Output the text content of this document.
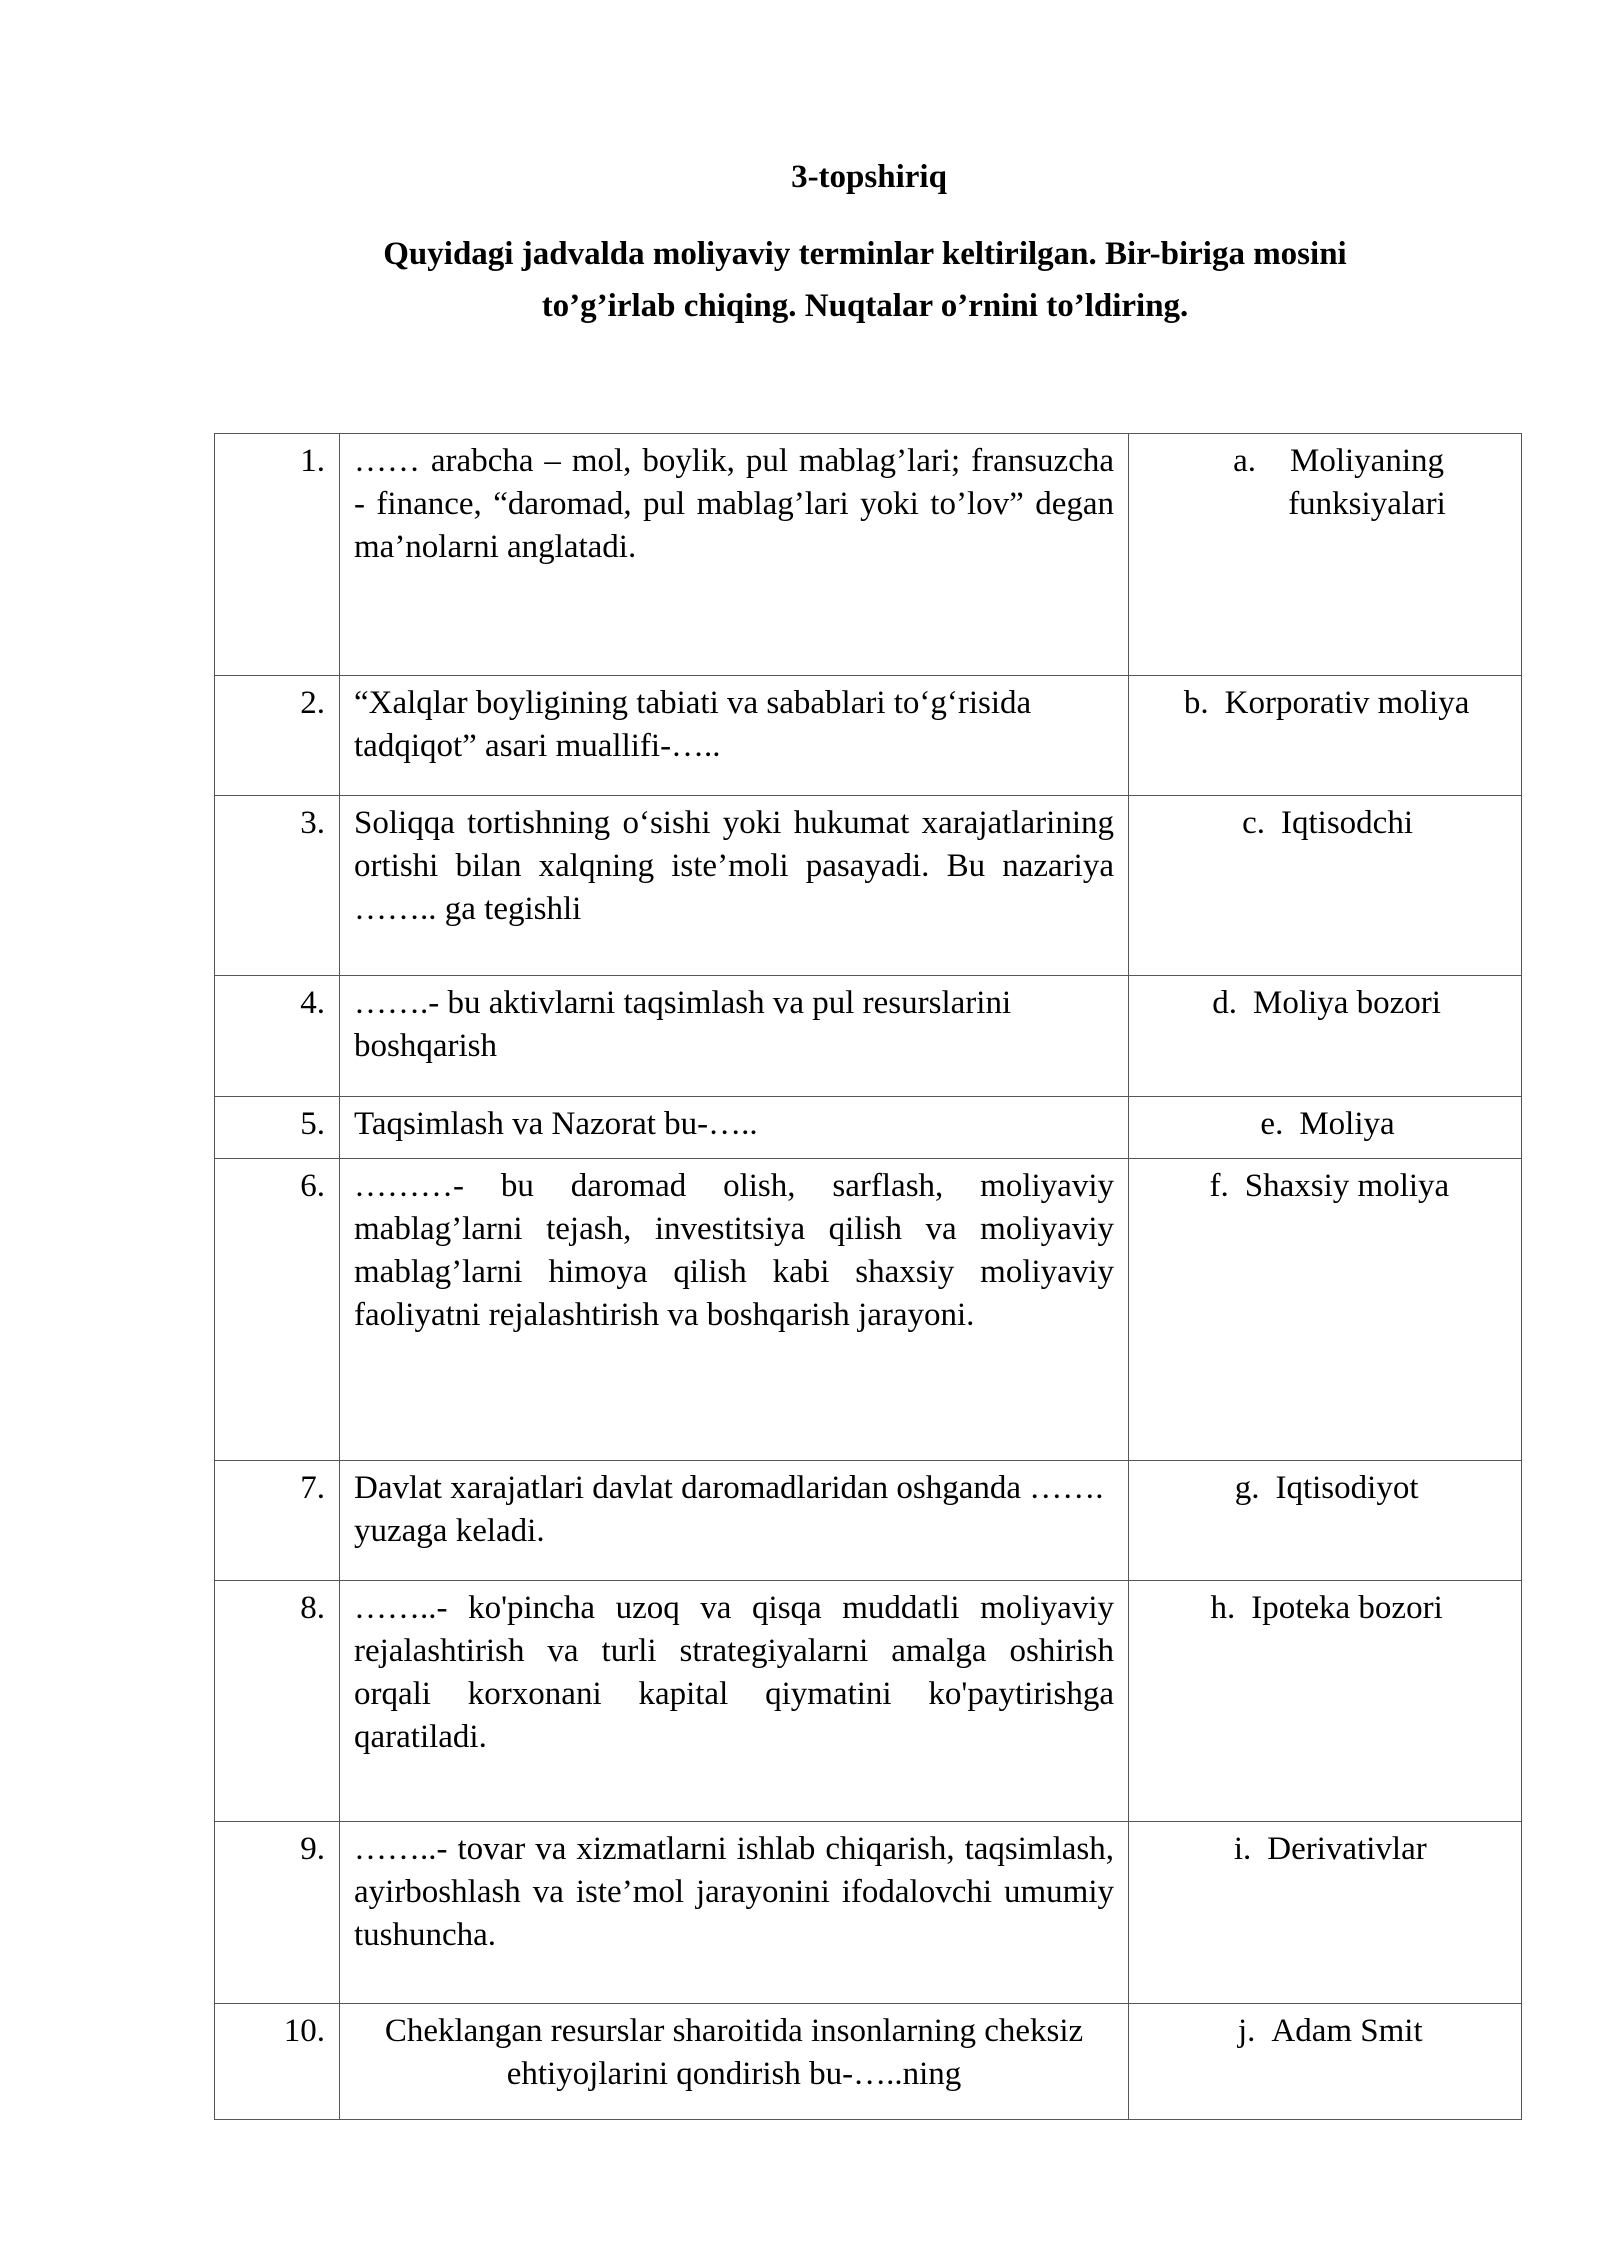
3-topshiriq
Quyidagi jadvalda moliyaviy terminlar keltirilgan. Bir-biriga mosini
to’g’irlab chiqing. Nuqtalar o’rnini to’ldiring.
1.	…… arabcha – mol, boylik, pul mablag’lari; fransuzcha - finance, “daromad, pul mablag’lari yoki to’lov” degan ma’nolarni anglatadi.	a. Moliyaning funksiyalari

2.	“Xalqlar boyligining tabiati va sabablari to‘g‘risida tadqiqot” asari muallifi-…..	b. Korporativ moliya
3.	Soliqqa tortishning o‘sishi yoki hukumat xarajatlarining ortishi bilan xalqning iste’moli pasayadi. Bu nazariya …….. ga tegishli	c. Iqtisodchi
4.	…….- bu aktivlarni taqsimlash va pul resurslarini boshqarish	d. Moliya bozori
5.	Taqsimlash va Nazorat bu-…..	e. Moliya
6.	………- bu daromad olish, sarflash, moliyaviy mablag’larni tejash, investitsiya qilish va moliyaviy mablag’larni himoya qilish kabi shaxsiy moliyaviy faoliyatni rejalashtirish va boshqarish jarayoni.	f. Shaxsiy moliya
7.	Davlat xarajatlari davlat daromadlaridan oshganda ……. yuzaga keladi.	g. Iqtisodiyot
8.	……..- ko'pincha uzoq va qisqa muddatli moliyaviy rejalashtirish va turli strategiyalarni amalga oshirish orqali korxonani kapital qiymatini ko'paytirishga qaratiladi.	h. Ipoteka bozori
9.	……..- tovar va xizmatlarni ishlab chiqarish, taqsimlash, ayirboshlash va iste’mol jarayonini ifodalovchi umumiy tushuncha.	i. Derivativlar
10.	Cheklangan resurslar sharoitida insonlarning cheksiz ehtiyojlarini qondirish bu-…..ning	j. Adam Smit
